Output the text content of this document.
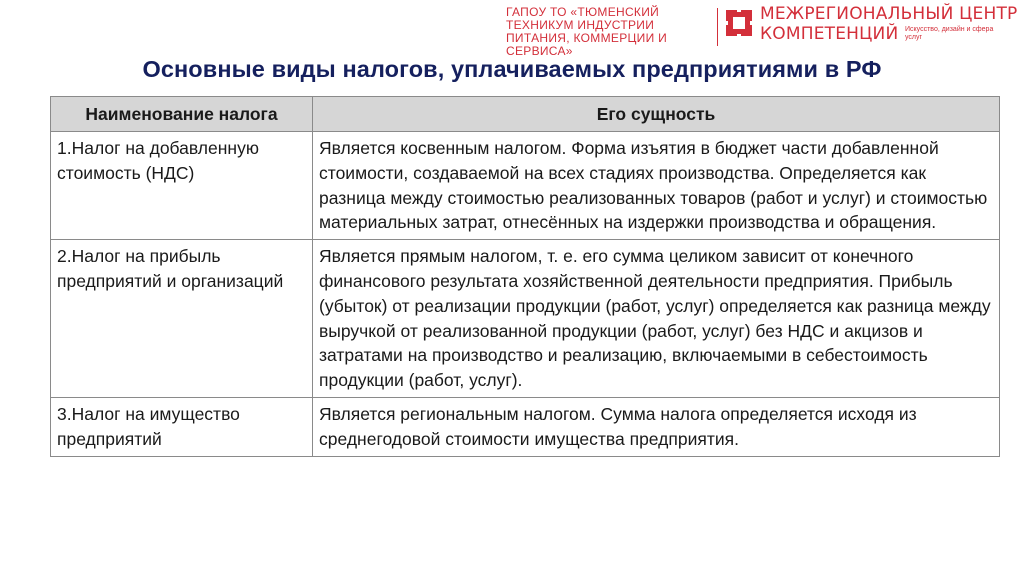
ГАПОУ ТО «ТЮМЕНСКИЙ ТЕХНИКУМ ИНДУСТРИИ ПИТАНИЯ, КОММЕРЦИИ И СЕРВИСА»
МЕЖРЕГИОНАЛЬНЫЙ ЦЕНТР
КОМПЕТЕНЦИЙ Искусство, дизайн и сфера услуг
Основные виды налогов, уплачиваемых предприятиями в РФ
Наименование налога	Его сущность
1.Налог на добавленную стоимость (НДС)	Является косвенным налогом. Форма изъятия в бюджет части добавленной стоимости, создаваемой на всех стадиях производства. Определяется как разница между стоимостью реализованных товаров (работ и услуг) и стоимостью материальных затрат, отнесённых на издержки производства и обращения.
2.Налог на прибыль предприятий и организаций	Является прямым налогом, т. е. его сумма целиком зависит от конечного финансового результата хозяйственной деятельности предприятия. Прибыль (убыток) от реализации продукции (работ, услуг) определяется как разница между выручкой от реализованной продукции (работ, услуг) без НДС и акцизов и затратами на производство и реализацию, включаемыми в себестоимость продукции (работ, услуг).
3.Налог на имущество предприятий	Является региональным налогом. Сумма налога определяется исходя из среднегодовой стоимости имущества предприятия.
